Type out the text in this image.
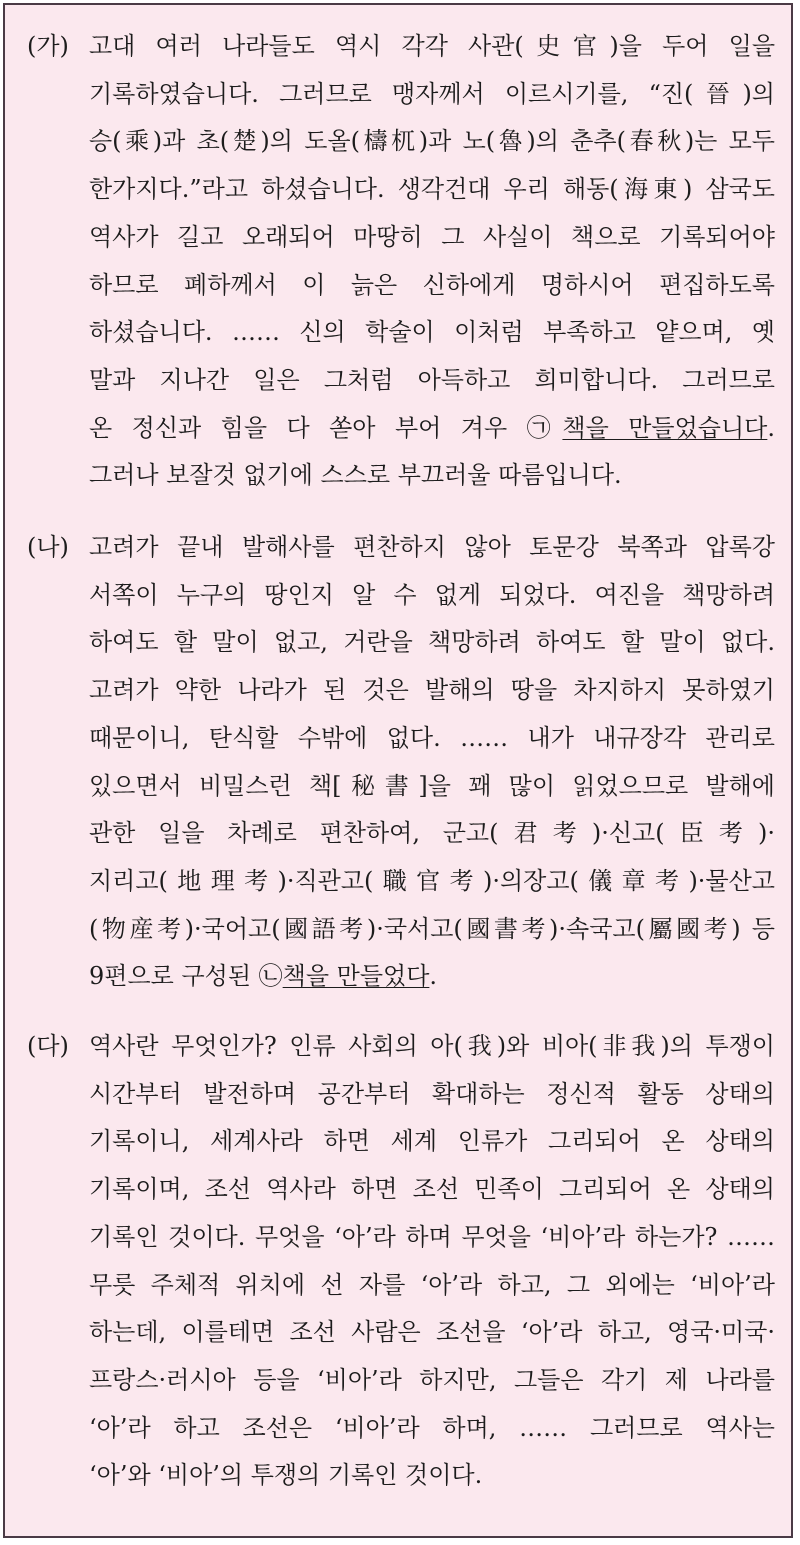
(가) 고대 여러 나라들도 역시 각각 사관(史官)을 두어 일을
기록하였습니다. 그러므로 맹자께서 이르시기를, “진(晉)의
승(乘)과 초(楚)의 도올(檮杌)과 노(魯)의 춘추(春秋)는 모두
한가지다.”라고 하셨습니다. 생각건대 우리 해동(海東) 삼국도
역사가 길고 오래되어 마땅히 그 사실이 책으로 기록되어야
하므로 폐하께서 이 늙은 신하에게 명하시어 편집하도록
하셨습니다. …… 신의 학술이 이처럼 부족하고 얕으며, 옛
말과 지나간 일은 그처럼 아득하고 희미합니다. 그러므로
온 정신과 힘을 다 쏟아 부어 겨우 ㉠책을 만들었습니다.
그러나 보잘것 없기에 스스로 부끄러울 따름입니다.
(나) 고려가 끝내 발해사를 편찬하지 않아 토문강 북쪽과 압록강
서쪽이 누구의 땅인지 알 수 없게 되었다. 여진을 책망하려
하여도 할 말이 없고, 거란을 책망하려 하여도 할 말이 없다.
고려가 약한 나라가 된 것은 발해의 땅을 차지하지 못하였기
때문이니, 탄식할 수밖에 없다. …… 내가 내규장각 관리로
있으면서 비밀스런 책[秘書]을 꽤 많이 읽었으므로 발해에
관한 일을 차례로 편찬하여, 군고(君考)·신고(臣考)·
지리고(地理考)·직관고(職官考)·의장고(儀章考)·물산고
(物産考)·국어고(國語考)·국서고(國書考)·속국고(屬國考) 등
9편으로 구성된 ㉡책을 만들었다.
(다) 역사란 무엇인가? 인류 사회의 아(我)와 비아(非我)의 투쟁이
시간부터 발전하며 공간부터 확대하는 정신적 활동 상태의
기록이니, 세계사라 하면 세계 인류가 그리되어 온 상태의
기록이며, 조선 역사라 하면 조선 민족이 그리되어 온 상태의
기록인 것이다. 무엇을 ‘아’라 하며 무엇을 ‘비아’라 하는가? ……
무릇 주체적 위치에 선 자를 ‘아’라 하고, 그 외에는 ‘비아’라
하는데, 이를테면 조선 사람은 조선을 ‘아’라 하고, 영국·미국·
프랑스·러시아 등을 ‘비아’라 하지만, 그들은 각기 제 나라를
‘아’라 하고 조선은 ‘비아’라 하며, …… 그러므로 역사는
‘아’와 ‘비아’의 투쟁의 기록인 것이다.
